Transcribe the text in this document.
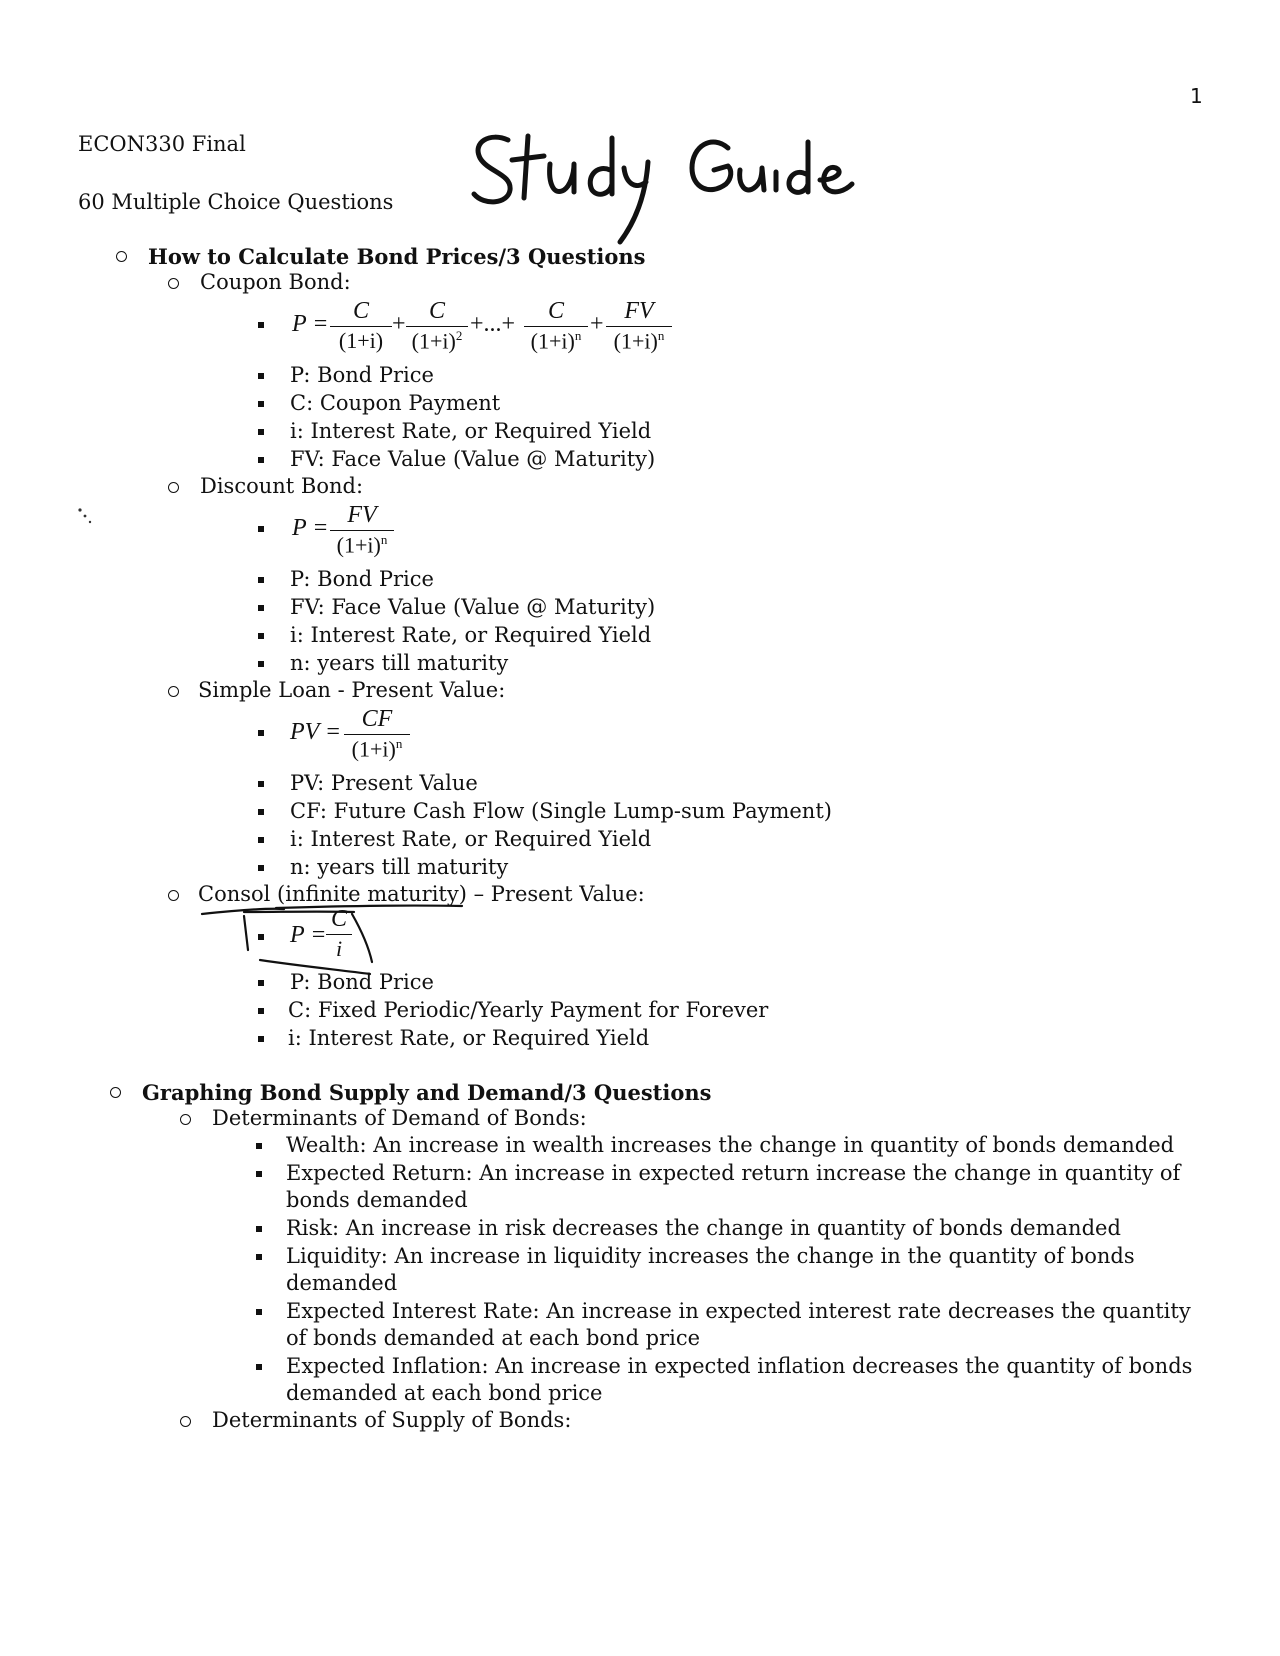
1
ECON330 Final
60 Multiple Choice Questions
How to Calculate Bond Prices/3 Questions
Coupon Bond:
P =	C
(1+i)
+ C
$(1+i)^2$ +...+	C
$(1+i)^n$ + FV
$(1+i)^n$
P: Bond Price
C: Coupon Payment
i: Interest Rate, or Required Yield
FV: Face Value (Value @ Maturity)
Discount Bond:
P = FV
$(1+i)^n$
P: Bond Price
FV: Face Value (Value @ Maturity)
i: Interest Rate, or Required Yield
n: years till maturity
Simple Loan - Present Value:
PV = CF
$(1+i)^n$
PV: Present Value
CF: Future Cash Flow (Single Lump-sum Payment)
i: Interest Rate, or Required Yield
n: years till maturity
Consol (infinite maturity) – Present Value:
P =
C
i
P: Bond Price
C: Fixed Periodic/Yearly Payment for Forever
i: Interest Rate, or Required Yield
Graphing Bond Supply and Demand/3 Questions
Determinants of Demand of Bonds:
Wealth: An increase in wealth increases the change in quantity of bonds demanded
Expected Return: An increase in expected return increase the change in quantity of
bonds demanded
Risk: An increase in risk decreases the change in quantity of bonds demanded
Liquidity: An increase in liquidity increases the change in the quantity of bonds
demanded
Expected Interest Rate: An increase in expected interest rate decreases the quantity
of bonds demanded at each bond price
Expected Inflation: An increase in expected inflation decreases the quantity of bonds
demanded at each bond price
Determinants of Supply of Bonds:
